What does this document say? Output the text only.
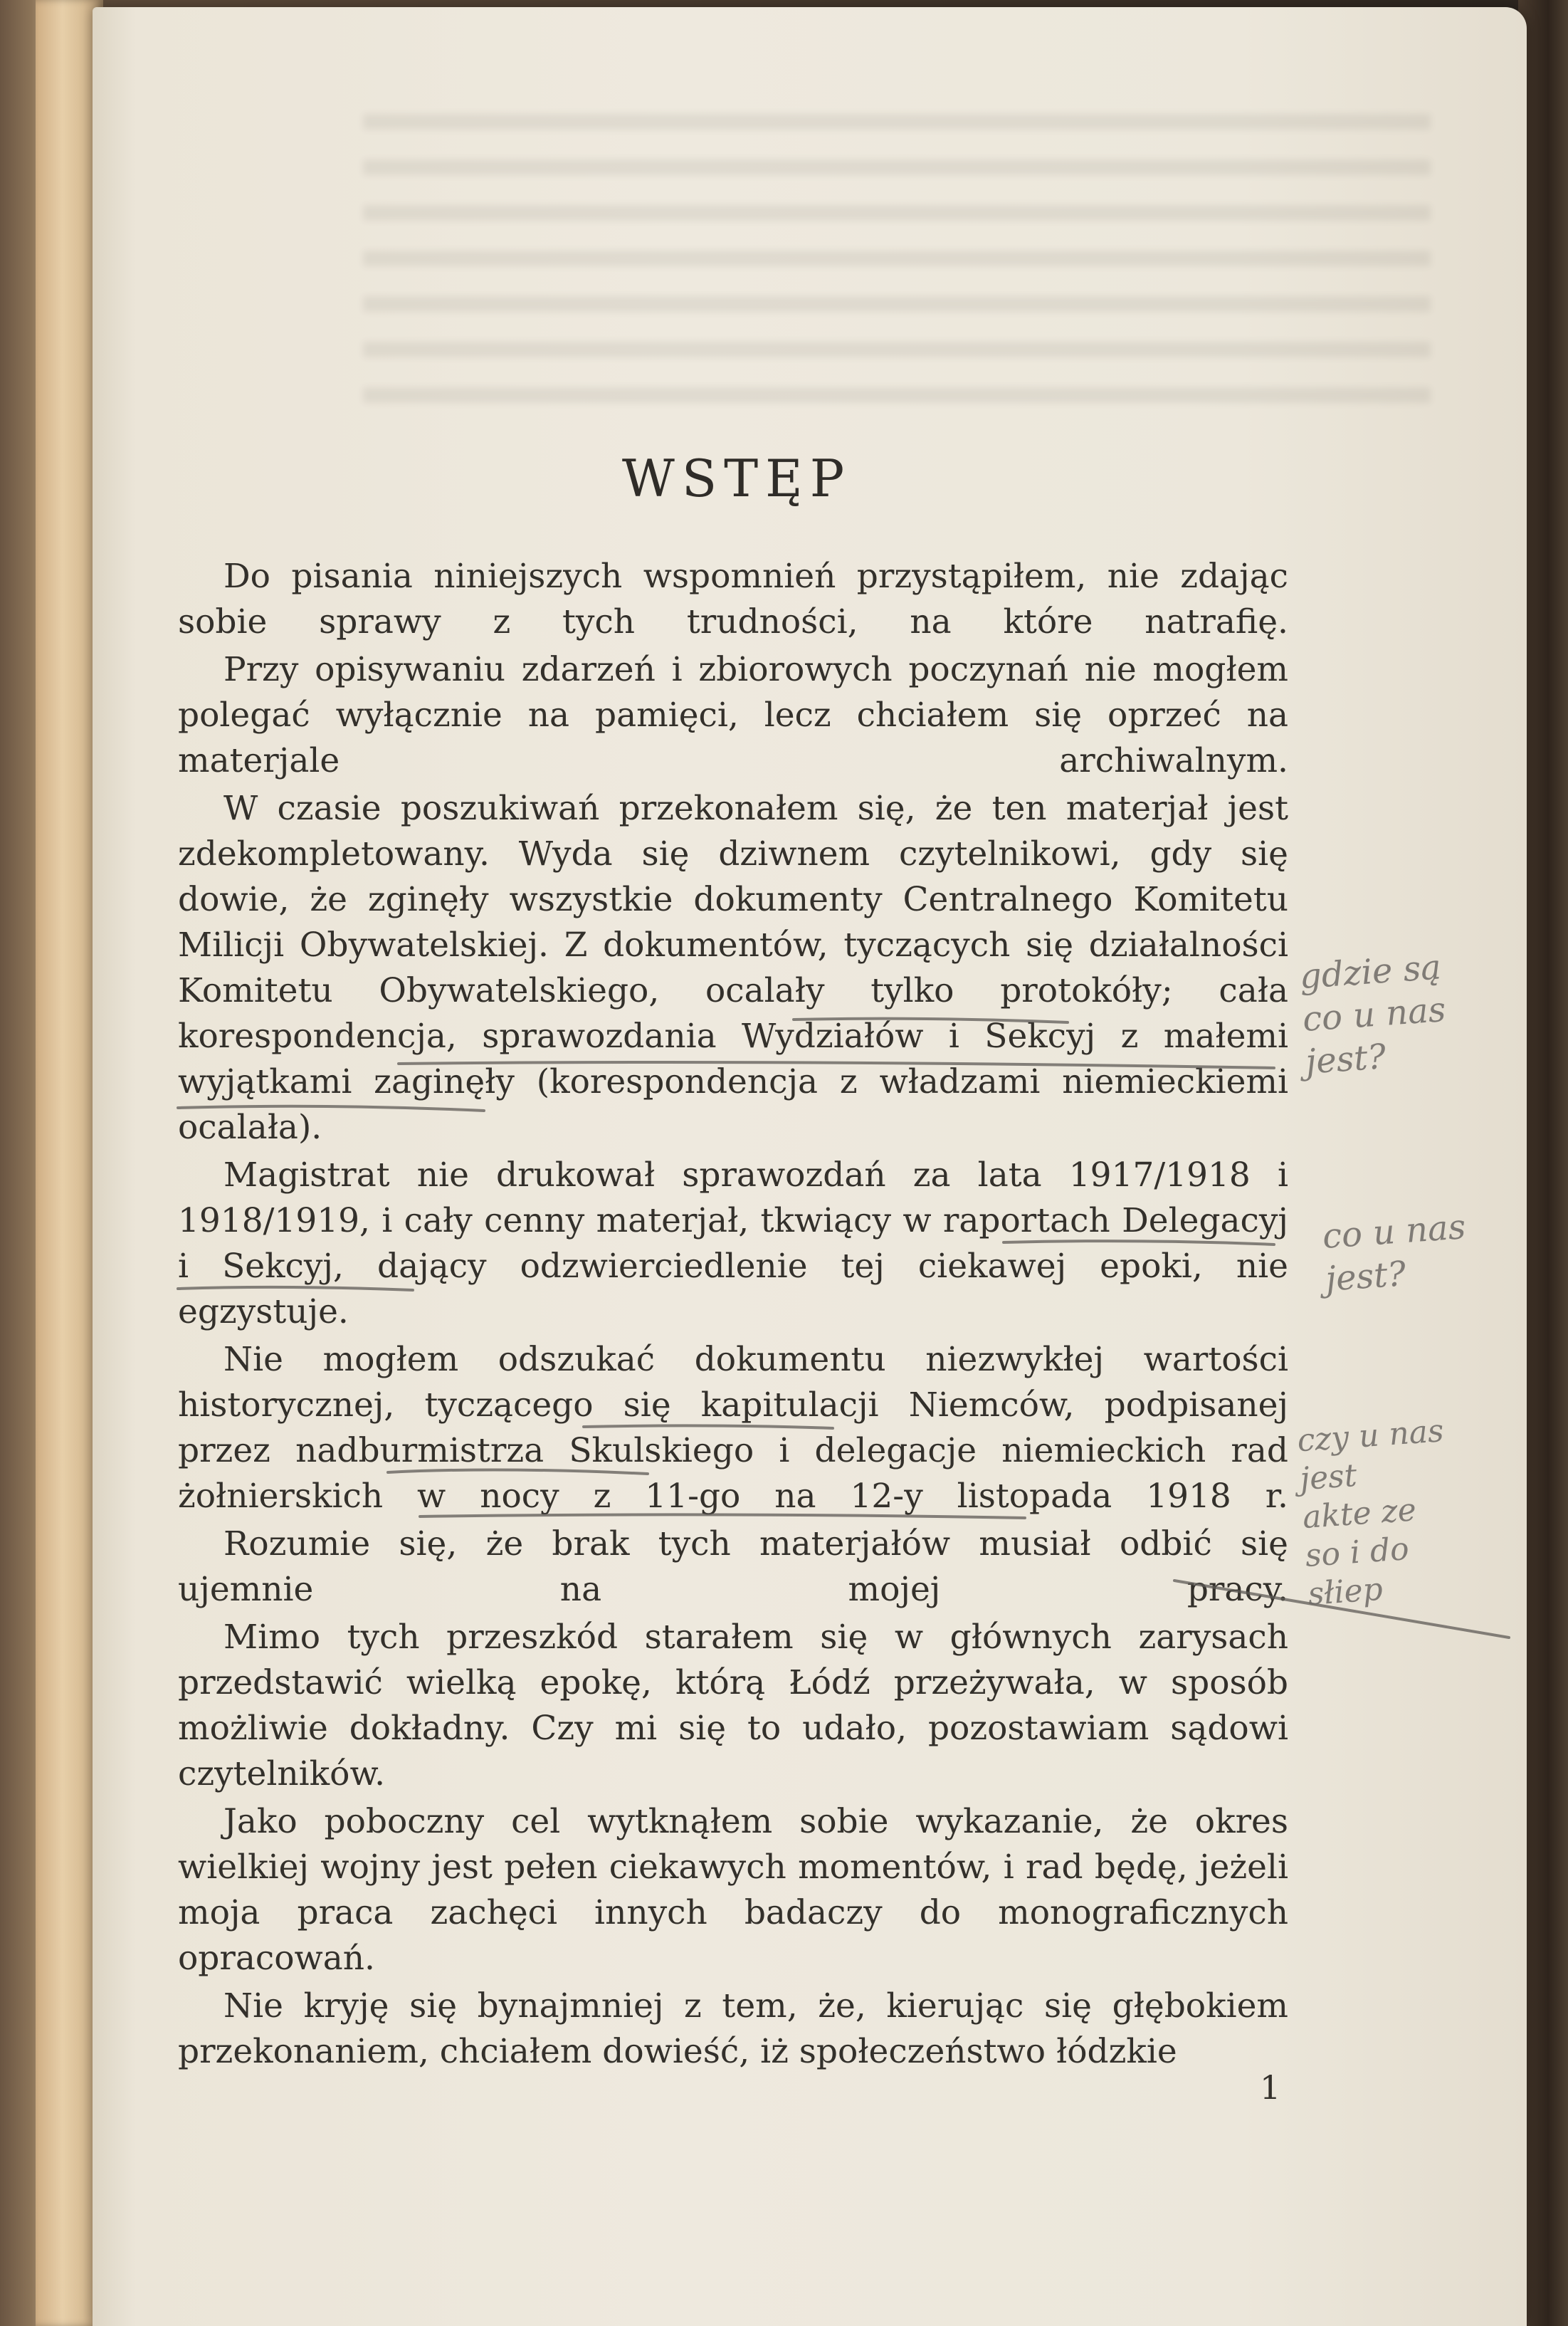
WSTĘP

Do pisania niniejszych wspomnień przystąpiłem, nie zdając sobie sprawy z tych trudności, na które natrafię.

Przy opisywaniu zdarzeń i zbiorowych poczynań nie mogłem polegać wyłącznie na pamięci, lecz chciałem się oprzeć na materjale archiwalnym.

W czasie poszukiwań przekonałem się, że ten materjał jest zdekompletowany. Wyda się dziwnem czytelnikowi, gdy się dowie, że zginęły wszystkie dokumenty Centralnego Komitetu Milicji Obywatelskiej. Z dokumentów, tyczących się działalności Komitetu Obywatelskiego, ocalały tylko protokóły; cała korespondencja, sprawozdania Wydziałów i Sekcyj z małemi wyjątkami zaginęły (korespondencja z władzami niemieckiemi ocalała).

Magistrat nie drukował sprawozdań za lata 1917/1918 i 1918/1919, i cały cenny materjał, tkwiący w raportach Delegacyj i Sekcyj, dający odzwierciedlenie tej ciekawej epoki, nie egzystuje.

Nie mogłem odszukać dokumentu niezwykłej wartości historycznej, tyczącego się kapitulacji Niemców, podpisanej przez nadburmistrza Skulskiego i delegacje niemieckich rad żołnierskich w nocy z 11-go na 12-y listopada 1918 r.

Rozumie się, że brak tych materjałów musiał odbić się ujemnie na mojej pracy.

Mimo tych przeszkód starałem się w głównych zarysach przedstawić wielką epokę, którą Łódź przeżywała, w sposób możliwie dokładny. Czy mi się to udało, pozostawiam sądowi czytelników.

Jako poboczny cel wytknąłem sobie wykazanie, że okres wielkiej wojny jest pełen ciekawych momentów, i rad będę, jeżeli moja praca zachęci innych badaczy do monograficznych opracowań.

Nie kryję się bynajmniej z tem, że, kierując się głębokiem przekonaniem, chciałem dowieść, iż społeczeństwo łódzkie

1
gdzie są
co u nas
jest?
co u nas
jest?
czy u nas
jest
akte ze
so i do
słiep
